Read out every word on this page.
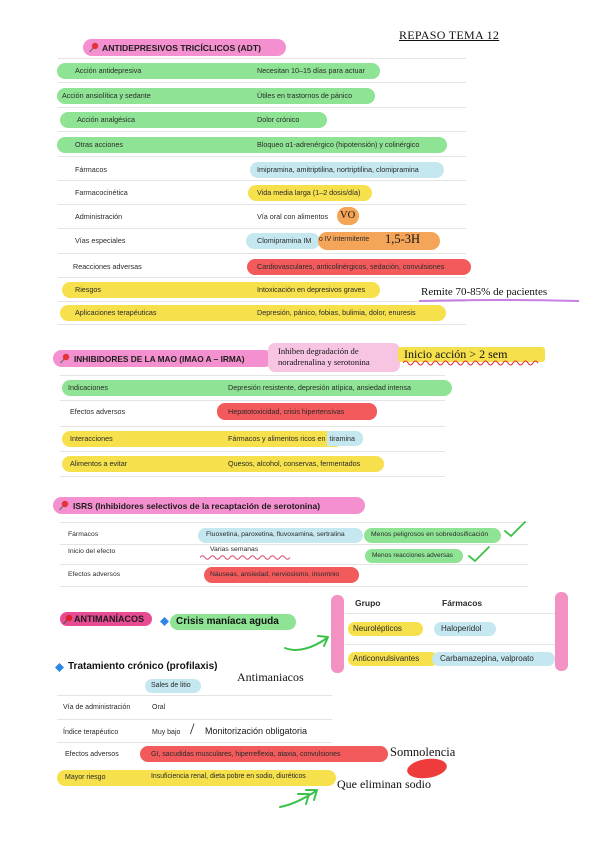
REPASO TEMA 12
ANTIDEPRESIVOS TRICÍCLICOS (ADT)
Acción antidepresiva	Necesitan 10–15 días para actuar
Acción ansiolítica y sedante	Útiles en trastornos de pánico
Acción analgésica	Dolor crónico
Otras acciones	Bloqueo α1-adrenérgico (hipotensión) y colinérgico
Fármacos	Imipramina, amitriptilina, nortriptilina, clomipramina
Farmacocinética	Vida media larga (1–2 dosis/día)
Administración	Vía oral con alimentos VO
Vías especiales	Clomipramina IM o IV intermitente 1,5-3H
Reacciones adversas	Cardiovasculares, anticolinérgicos, sedación, convulsiones
Riesgos	Intoxicación en depresivos graves	Remite 70-85% de pacientes
Aplicaciones terapéuticas	Depresión, pánico, fobias, bulimia, dolor, enuresis
INHIBIDORES DE LA MAO (IMAO A – IRMA)
Inhiben degradación de
noradrenalina y serotonina
Inicio acción > 2 sem
Indicaciones	Depresión resistente, depresión atípica, ansiedad intensa
Efectos adversos	Hepatotoxicidad, crisis hipertensivas
Interacciones	Fármacos y alimentos ricos en tiramina
Alimentos a evitar	Quesos, alcohol, conservas, fermentados
ISRS (Inhibidores selectivos de la recaptación de serotonina)
Fármacos	Fluoxetina, paroxetina, fluvoxamina, sertralina	Menos peligrosos en sobredosificación
Inicio del efecto	Varias semanas
Menos reacciones adversas
Efectos adversos	Náuseas, ansiedad, nerviosismo, insomnio
ANTIMANÍACOS	Crisis maníaca aguda
Grupo	Fármacos
Neurolépticos	Haloperidol
Anticonvulsivantes	Carbamazepina, valproato
Tratamiento crónico (profilaxis)
Sales de litio
Antimaniacos
Vía de administración	Oral
Índice terapéutico	Muy bajo / Monitorización obligatoria
Efectos adversos	GI, sacudidas musculares, hiperreflexia, ataxia, convulsiones	Somnolencia
Mayor riesgo	Insuficiencia renal, dieta pobre en sodio, diuréticos
Que eliminan sodio
